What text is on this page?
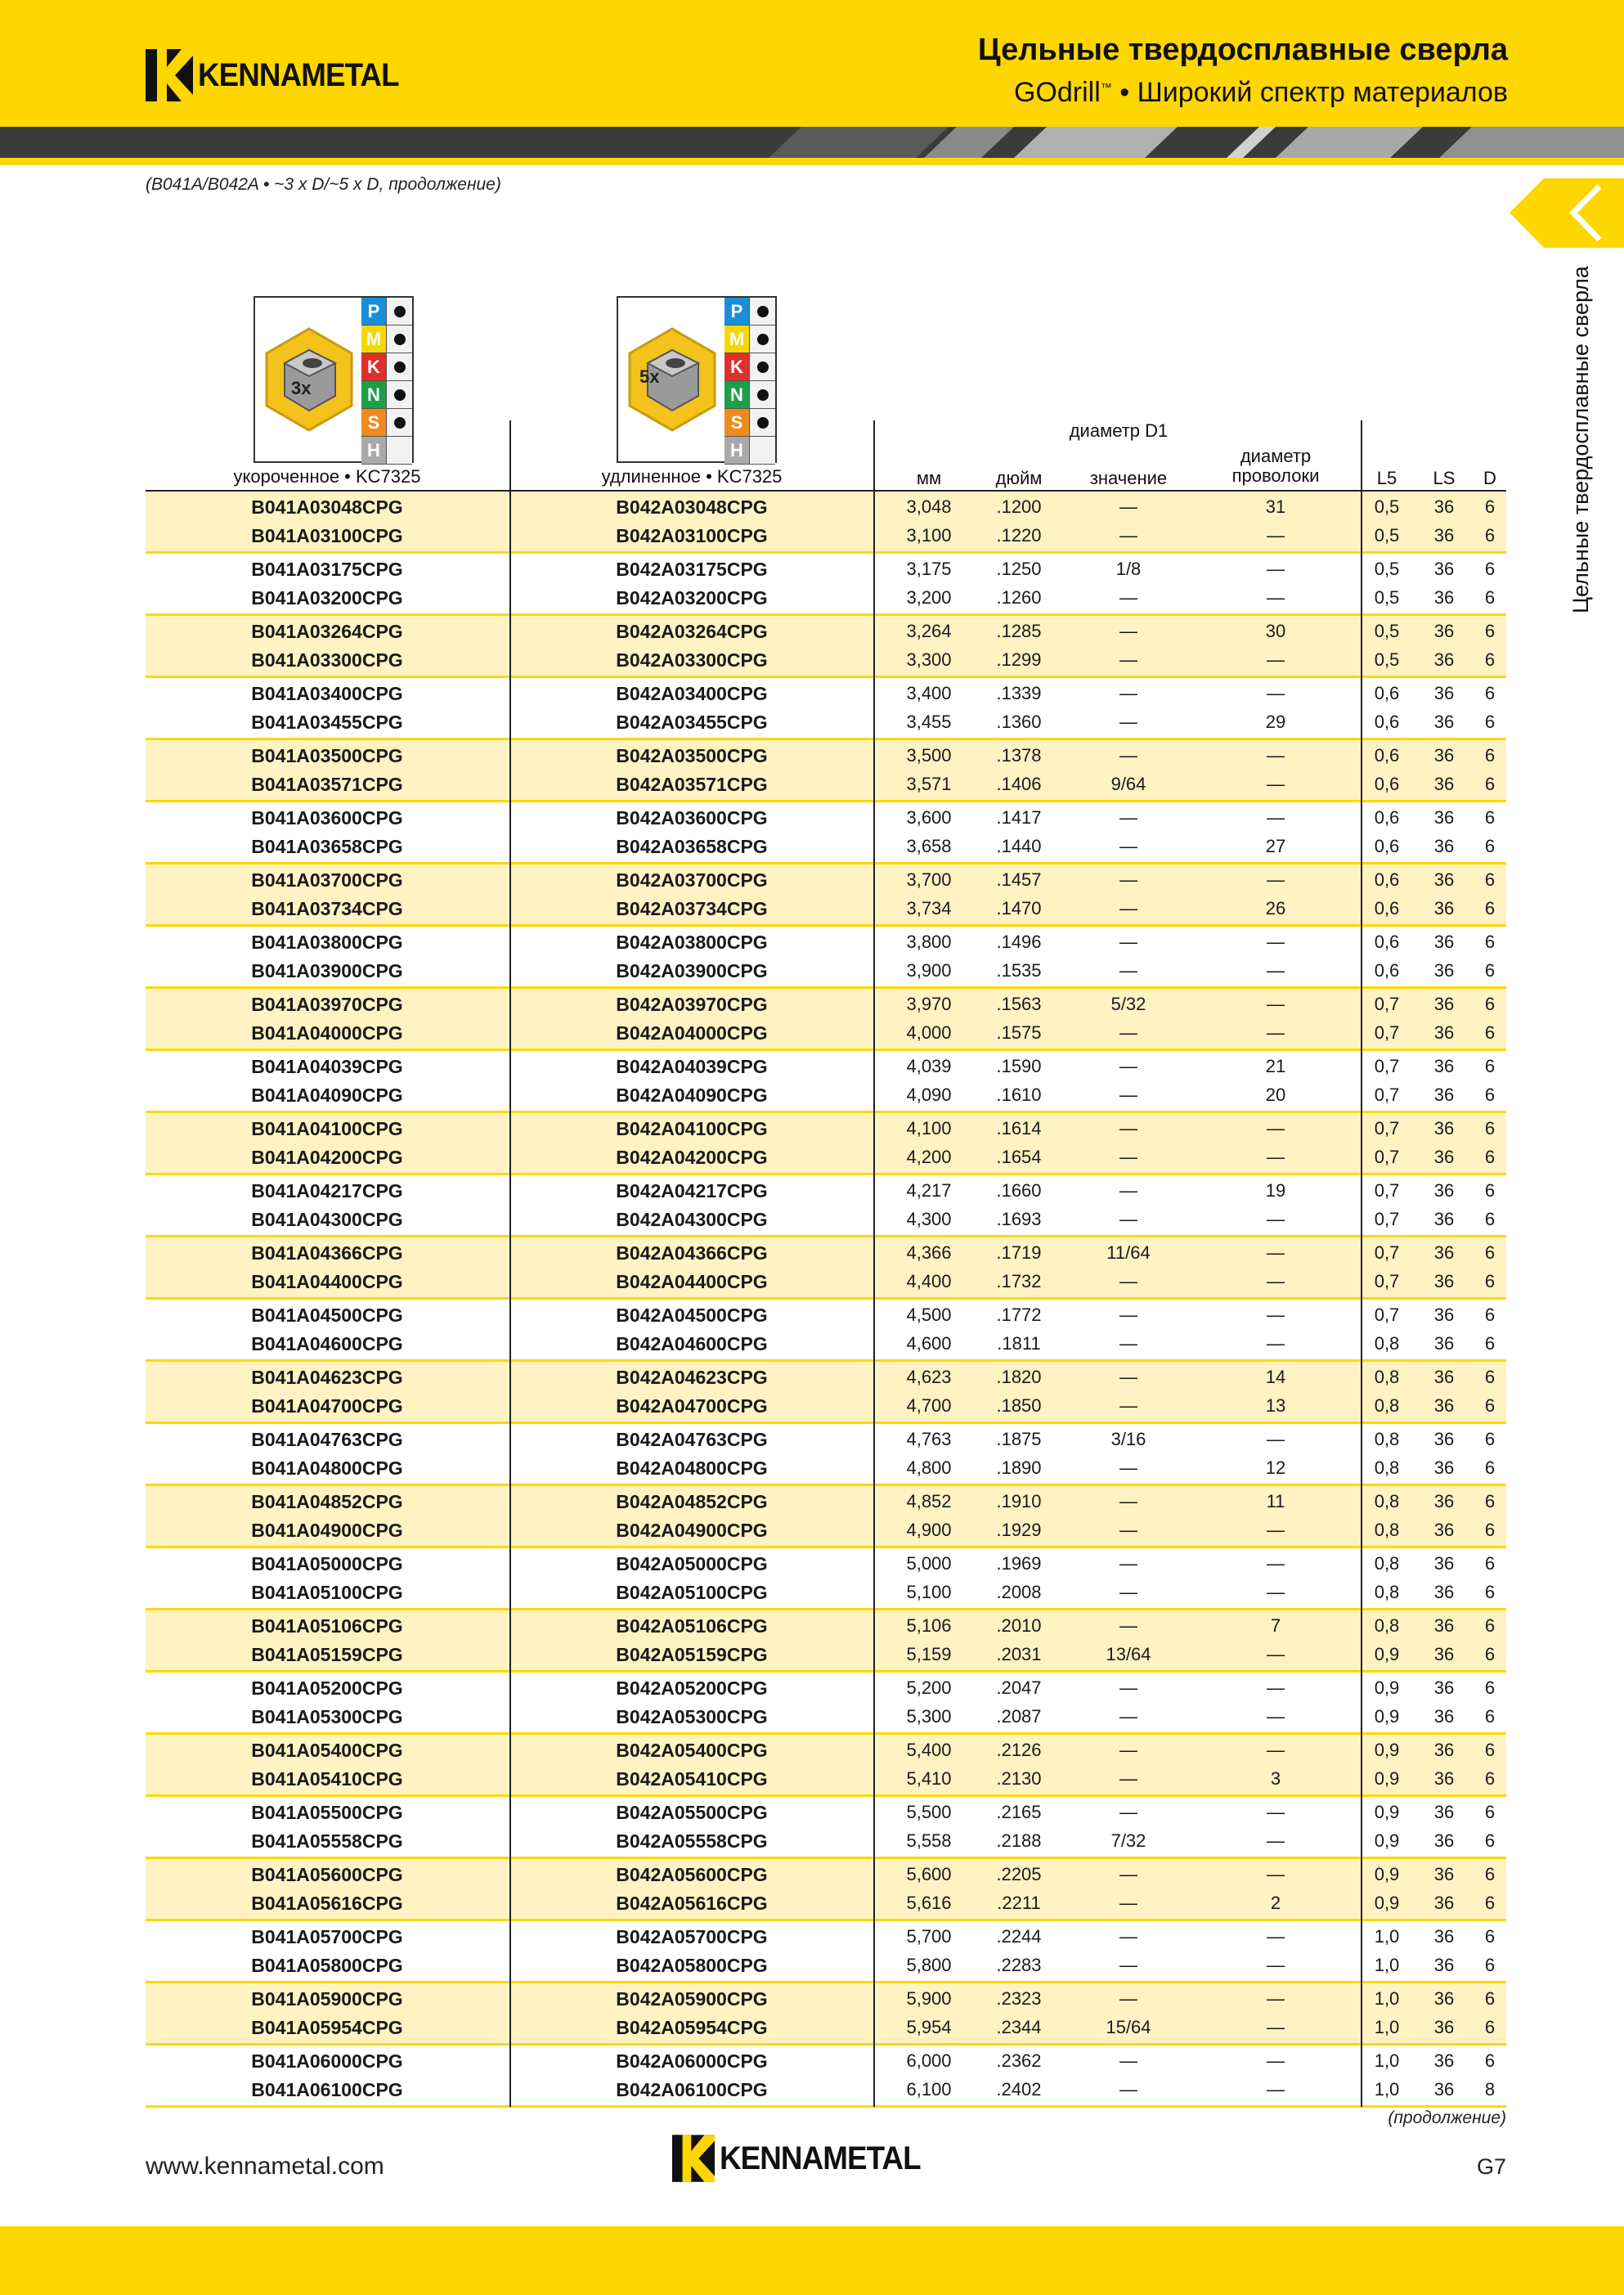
KENNAMETAL
Цельные твердосплавные сверла
GOdrill™ • Широкий спектр материалов
(B041A/B042A • ~3 x D/~5 x D, продолжение)
Цельные твердосплавные сверла
3x
P
M
K
N
S
H
5x
P
M
K
N
S
H
укороченное • KC7325	удлиненное • KC7325
диаметр D1
мм	дюйм	значение
диаметр проволоки	L5	LS	D
B041A03048CPG	B042A03048CPG	3,048	.1200	—	31	0,5	36	6
B041A03100CPG	B042A03100CPG	3,100	.1220	—	—	0,5	36	6
B041A03175CPG	B042A03175CPG	3,175	.1250	1/8	—	0,5	36	6
B041A03200CPG	B042A03200CPG	3,200	.1260	—	—	0,5	36	6
B041A03264CPG	B042A03264CPG	3,264	.1285	—	30	0,5	36	6
B041A03300CPG	B042A03300CPG	3,300	.1299	—	—	0,5	36	6
B041A03400CPG	B042A03400CPG	3,400	.1339	—	—	0,6	36	6
B041A03455CPG	B042A03455CPG	3,455	.1360	—	29	0,6	36	6
B041A03500CPG	B042A03500CPG	3,500	.1378	—	—	0,6	36	6
B041A03571CPG	B042A03571CPG	3,571	.1406	9/64	—	0,6	36	6
B041A03600CPG	B042A03600CPG	3,600	.1417	—	—	0,6	36	6
B041A03658CPG	B042A03658CPG	3,658	.1440	—	27	0,6	36	6
B041A03700CPG	B042A03700CPG	3,700	.1457	—	—	0,6	36	6
B041A03734CPG	B042A03734CPG	3,734	.1470	—	26	0,6	36	6
B041A03800CPG	B042A03800CPG	3,800	.1496	—	—	0,6	36	6
B041A03900CPG	B042A03900CPG	3,900	.1535	—	—	0,6	36	6
B041A03970CPG	B042A03970CPG	3,970	.1563	5/32	—	0,7	36	6
B041A04000CPG	B042A04000CPG	4,000	.1575	—	—	0,7	36	6
B041A04039CPG	B042A04039CPG	4,039	.1590	—	21	0,7	36	6
B041A04090CPG	B042A04090CPG	4,090	.1610	—	20	0,7	36	6
B041A04100CPG	B042A04100CPG	4,100	.1614	—	—	0,7	36	6
B041A04200CPG	B042A04200CPG	4,200	.1654	—	—	0,7	36	6
B041A04217CPG	B042A04217CPG	4,217	.1660	—	19	0,7	36	6
B041A04300CPG	B042A04300CPG	4,300	.1693	—	—	0,7	36	6
B041A04366CPG	B042A04366CPG	4,366	.1719	11/64	—	0,7	36	6
B041A04400CPG	B042A04400CPG	4,400	.1732	—	—	0,7	36	6
B041A04500CPG	B042A04500CPG	4,500	.1772	—	—	0,7	36	6
B041A04600CPG	B042A04600CPG	4,600	.1811	—	—	0,8	36	6
B041A04623CPG	B042A04623CPG	4,623	.1820	—	14	0,8	36	6
B041A04700CPG	B042A04700CPG	4,700	.1850	—	13	0,8	36	6
B041A04763CPG	B042A04763CPG	4,763	.1875	3/16	—	0,8	36	6
B041A04800CPG	B042A04800CPG	4,800	.1890	—	12	0,8	36	6
B041A04852CPG	B042A04852CPG	4,852	.1910	—	11	0,8	36	6
B041A04900CPG	B042A04900CPG	4,900	.1929	—	—	0,8	36	6
B041A05000CPG	B042A05000CPG	5,000	.1969	—	—	0,8	36	6
B041A05100CPG	B042A05100CPG	5,100	.2008	—	—	0,8	36	6
B041A05106CPG	B042A05106CPG	5,106	.2010	—	7	0,8	36	6
B041A05159CPG	B042A05159CPG	5,159	.2031	13/64	—	0,9	36	6
B041A05200CPG	B042A05200CPG	5,200	.2047	—	—	0,9	36	6
B041A05300CPG	B042A05300CPG	5,300	.2087	—	—	0,9	36	6
B041A05400CPG	B042A05400CPG	5,400	.2126	—	—	0,9	36	6
B041A05410CPG	B042A05410CPG	5,410	.2130	—	3	0,9	36	6
B041A05500CPG	B042A05500CPG	5,500	.2165	—	—	0,9	36	6
B041A05558CPG	B042A05558CPG	5,558	.2188	7/32	—	0,9	36	6
B041A05600CPG	B042A05600CPG	5,600	.2205	—	—	0,9	36	6
B041A05616CPG	B042A05616CPG	5,616	.2211	—	2	0,9	36	6
B041A05700CPG	B042A05700CPG	5,700	.2244	—	—	1,0	36	6
B041A05800CPG	B042A05800CPG	5,800	.2283	—	—	1,0	36	6
B041A05900CPG	B042A05900CPG	5,900	.2323	—	—	1,0	36	6
B041A05954CPG	B042A05954CPG	5,954	.2344	15/64	—	1,0	36	6
B041A06000CPG	B042A06000CPG	6,000	.2362	—	—	1,0	36	6
B041A06100CPG	B042A06100CPG	6,100	.2402	—	—	1,0	36	8
(продолжение)
www.kennametal.com	KENNAMETAL	G7
